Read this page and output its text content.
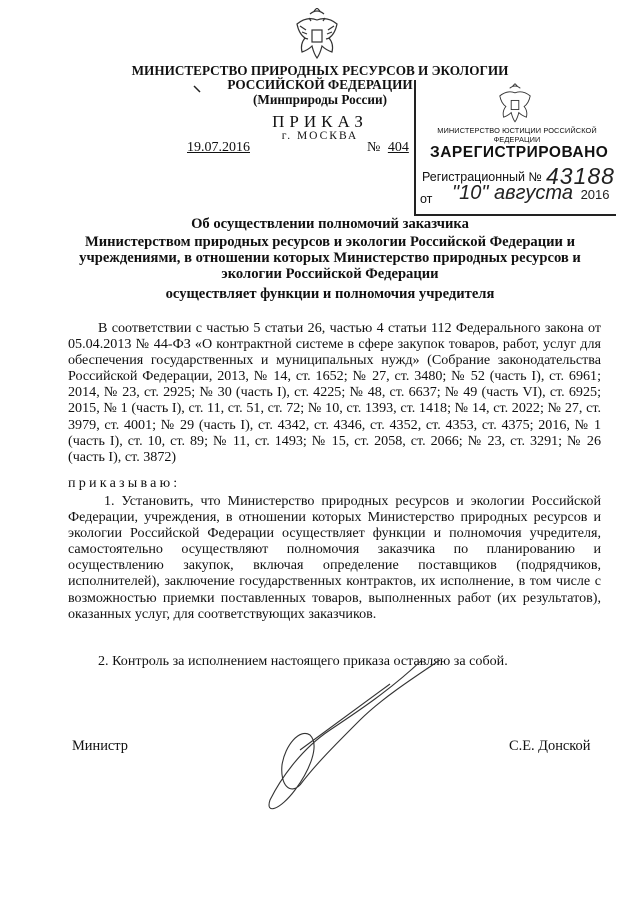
МИНИСТЕРСТВО ПРИРОДНЫХ РЕСУРСОВ И ЭКОЛОГИИ
РОССИЙСКОЙ ФЕДЕРАЦИИ
(Минприроды России)
ПРИКАЗ
г. МОСКВА
19.07.2016	№ 404
МИНИСТЕРСТВО ЮСТИЦИИ РОССИЙСКОЙ ФЕДЕРАЦИИ
ЗАРЕГИСТРИРОВАНО
Регистрационный № 43188
от "10" августа 2016
Об осуществлении полномочий заказчика
Министерством природных ресурсов и экологии Российской Федерации и
учреждениями, в отношении которых Министерство природных ресурсов и
экологии Российской Федерации
осуществляет функции и полномочия учредителя
В соответствии с частью 5 статьи 26, частью 4 статьи 112 Федерального закона от 05.04.2013 № 44-ФЗ «О контрактной системе в сфере закупок товаров, работ, услуг для обеспечения государственных и муниципальных нужд» (Собрание законодательства Российской Федерации, 2013, № 14, ст. 1652; № 27, ст. 3480; № 52 (часть I), ст. 6961; 2014, № 23, ст. 2925; № 30 (часть I), ст. 4225; № 48, ст. 6637; № 49 (часть VI), ст. 6925; 2015, № 1 (часть I), ст. 11, ст. 51, ст. 72; № 10, ст. 1393, ст. 1418; № 14, ст. 2022; № 27, ст. 3979, ст. 4001; № 29 (часть I), ст. 4342, ст. 4346, ст. 4352, ст. 4353, ст. 4375; 2016, № 1 (часть I), ст. 10, ст. 89; № 11, ст. 1493; № 15, ст. 2058, ст. 2066; № 23, ст. 3291; № 26 (часть I), ст. 3872)
приказываю:
1. Установить, что Министерство природных ресурсов и экологии Российской Федерации, учреждения, в отношении которых Министерство природных ресурсов и экологии Российской Федерации осуществляет функции и полномочия учредителя, самостоятельно осуществляют полномочия заказчика по планированию и осуществлению закупок, включая определение поставщиков (подрядчиков, исполнителей), заключение государственных контрактов, их исполнение, в том числе с возможностью приемки поставленных товаров, выполненных работ (их результатов), оказанных услуг, для соответствующих заказчиков.
2. Контроль за исполнением настоящего приказа оставляю за собой.
Министр	С.Е. Донской
